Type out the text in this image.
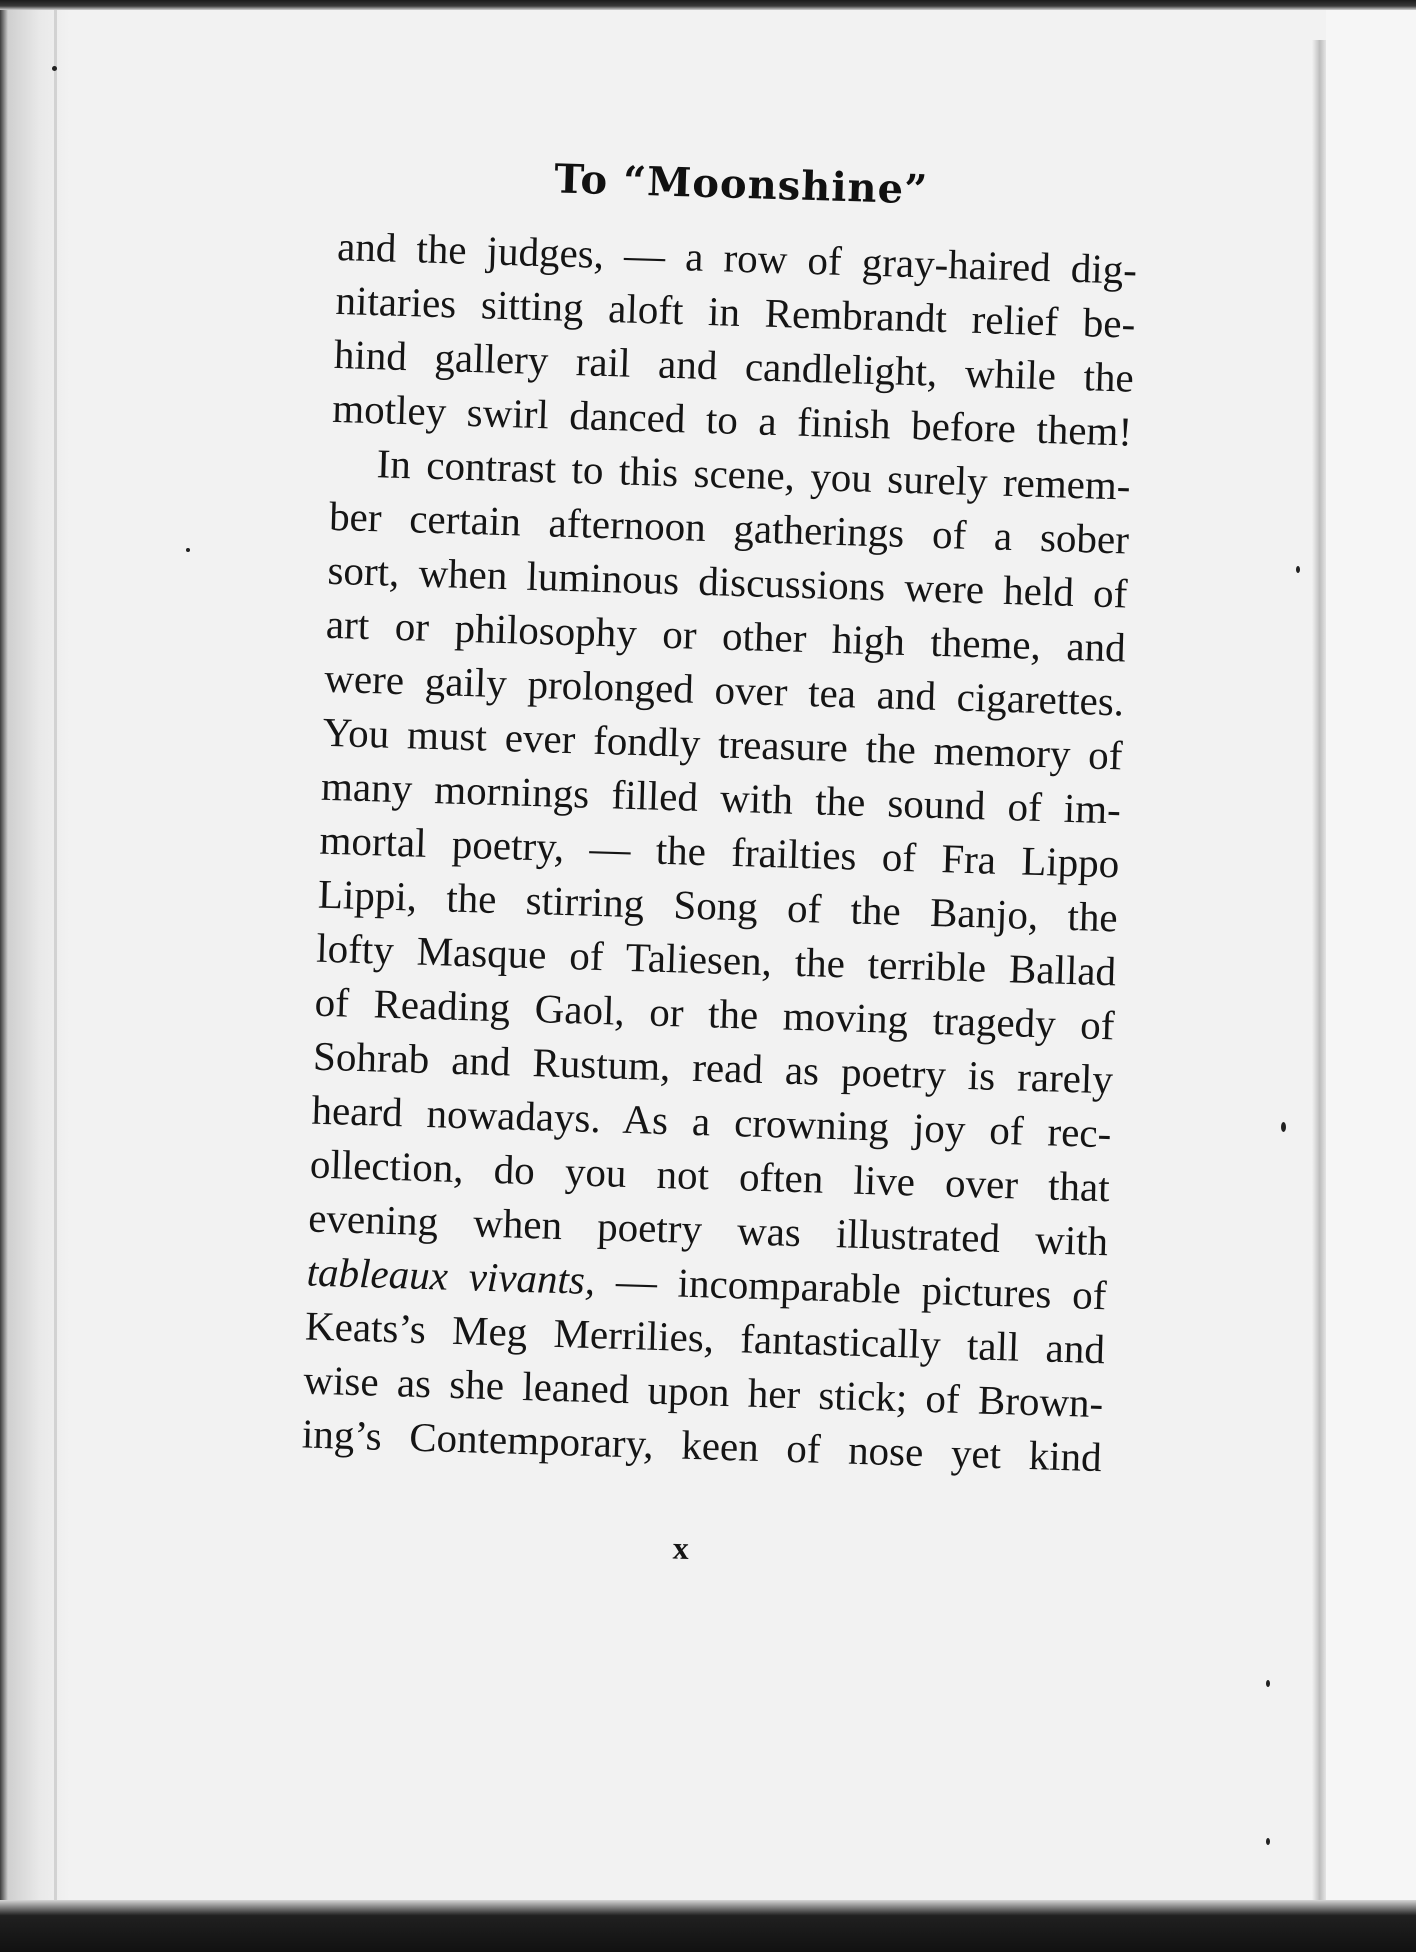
To “Moonshine”
and the judges, — a row of gray-haired dig-
nitaries sitting aloft in Rembrandt relief be-
hind gallery rail and candlelight, while the
motley swirl danced to a finish before them!
In contrast to this scene, you surely remem-
ber certain afternoon gatherings of a sober
sort, when luminous discussions were held of
art or philosophy or other high theme, and
were gaily prolonged over tea and cigarettes.
You must ever fondly treasure the memory of
many mornings filled with the sound of im-
mortal poetry, — the frailties of Fra Lippo
Lippi, the stirring Song of the Banjo, the
lofty Masque of Taliesen, the terrible Ballad
of Reading Gaol, or the moving tragedy of
Sohrab and Rustum, read as poetry is rarely
heard nowadays. As a crowning joy of rec-
ollection, do you not often live over that
evening when poetry was illustrated with
tableaux vivants, — incomparable pictures of
Keats’s Meg Merrilies, fantastically tall and
wise as she leaned upon her stick; of Brown-
ing’s Contemporary, keen of nose yet kind
x
